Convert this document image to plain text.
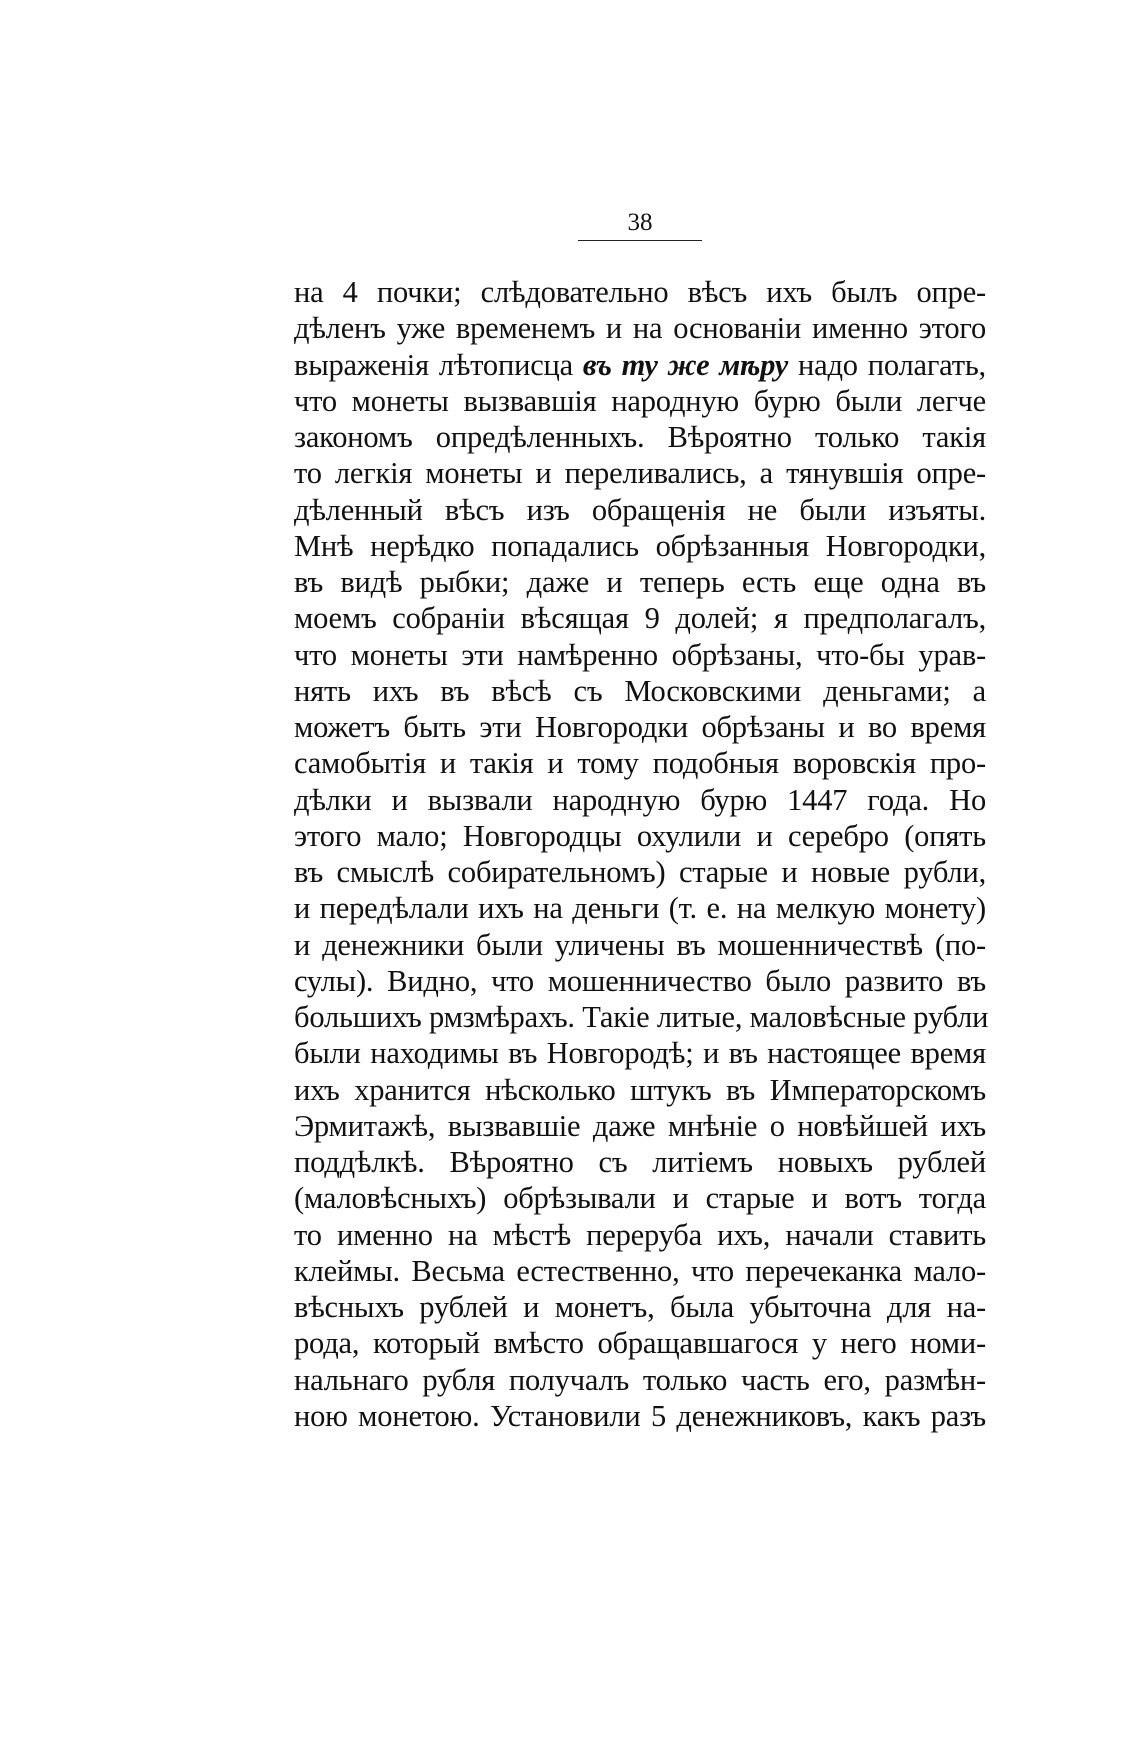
38
на 4 почки; слѣдовательно вѣсъ ихъ былъ опре-
дѣленъ уже временемъ и на основаніи именно этого
выраженія лѣтописца въ ту же мѣру надо полагать,
что монеты вызвавшія народную бурю были легче
закономъ опредѣленныхъ. Вѣроятно только такія
то легкія монеты и переливались, а тянувшія опре-
дѣленный вѣсъ изъ обращенія не были изъяты.
Мнѣ нерѣдко попадались обрѣзанныя Новгородки,
въ видѣ рыбки; даже и теперь есть еще одна въ
моемъ собраніи вѣсящая 9 долей; я предполагалъ,
что монеты эти намѣренно обрѣзаны, что-бы урав-
нять ихъ въ вѣсѣ съ Московскими деньгами; а
можетъ быть эти Новгородки обрѣзаны и во время
самобытія и такія и тому подобныя воровскія про-
дѣлки и вызвали народную бурю 1447 года. Но
этого мало; Новгородцы охулили и серебро (опять
въ смыслѣ собирательномъ) старые и новые рубли,
и передѣлали ихъ на деньги (т. е. на мелкую монету)
и денежники были уличены въ мошенничествѣ (по-
сулы). Видно, что мошенничество было развито въ
большихъ рмзмѣрахъ. Такіе литые, маловѣсные рубли
были находимы въ Новгородѣ; и въ настоящее время
ихъ хранится нѣсколько штукъ въ Императорскомъ
Эрмитажѣ, вызвавшіе даже мнѣніе о новѣйшей ихъ
поддѣлкѣ. Вѣроятно съ литіемъ новыхъ рублей
(маловѣсныхъ) обрѣзывали и старые и вотъ тогда
то именно на мѣстѣ переруба ихъ, начали ставить
клеймы. Весьма естественно, что перечеканка мало-
вѣсныхъ рублей и монетъ, была убыточна для на-
рода, который вмѣсто обращавшагося у него номи-
нальнаго рубля получалъ только часть его, размѣн-
ною монетою. Установили 5 денежниковъ, какъ разъ
